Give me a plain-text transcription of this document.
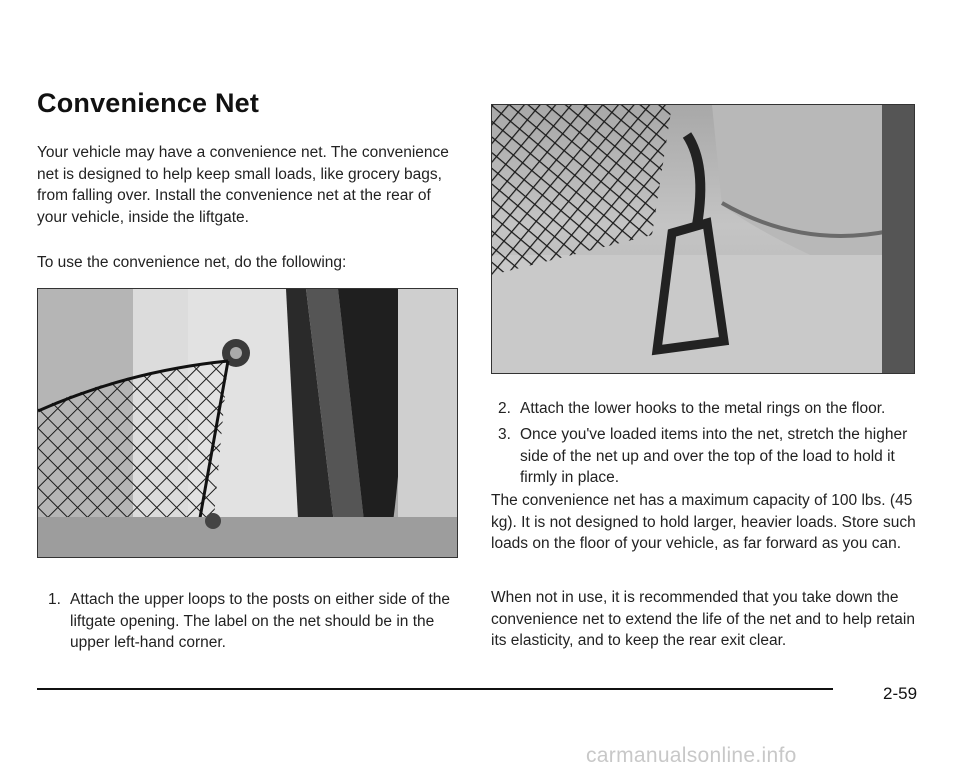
Convenience Net

Your vehicle may have a convenience net. The convenience net is designed to help keep small loads, like grocery bags, from falling over. Install the convenience net at the rear of your vehicle, inside the liftgate.

To use the convenience net, do the following:

1. Attach the upper loops to the posts on either side of the liftgate opening. The label on the net should be in the upper left-hand corner.

2. Attach the lower hooks to the metal rings on the floor.

3. Once you've loaded items into the net, stretch the higher side of the net up and over the top of the load to hold it firmly in place.

The convenience net has a maximum capacity of 100 lbs. (45 kg). It is not designed to hold larger, heavier loads. Store such loads on the floor of your vehicle, as far forward as you can.

When not in use, it is recommended that you take down the convenience net to extend the life of the net and to help retain its elasticity, and to keep the rear exit clear.

2-59
carmanualsonline.info
